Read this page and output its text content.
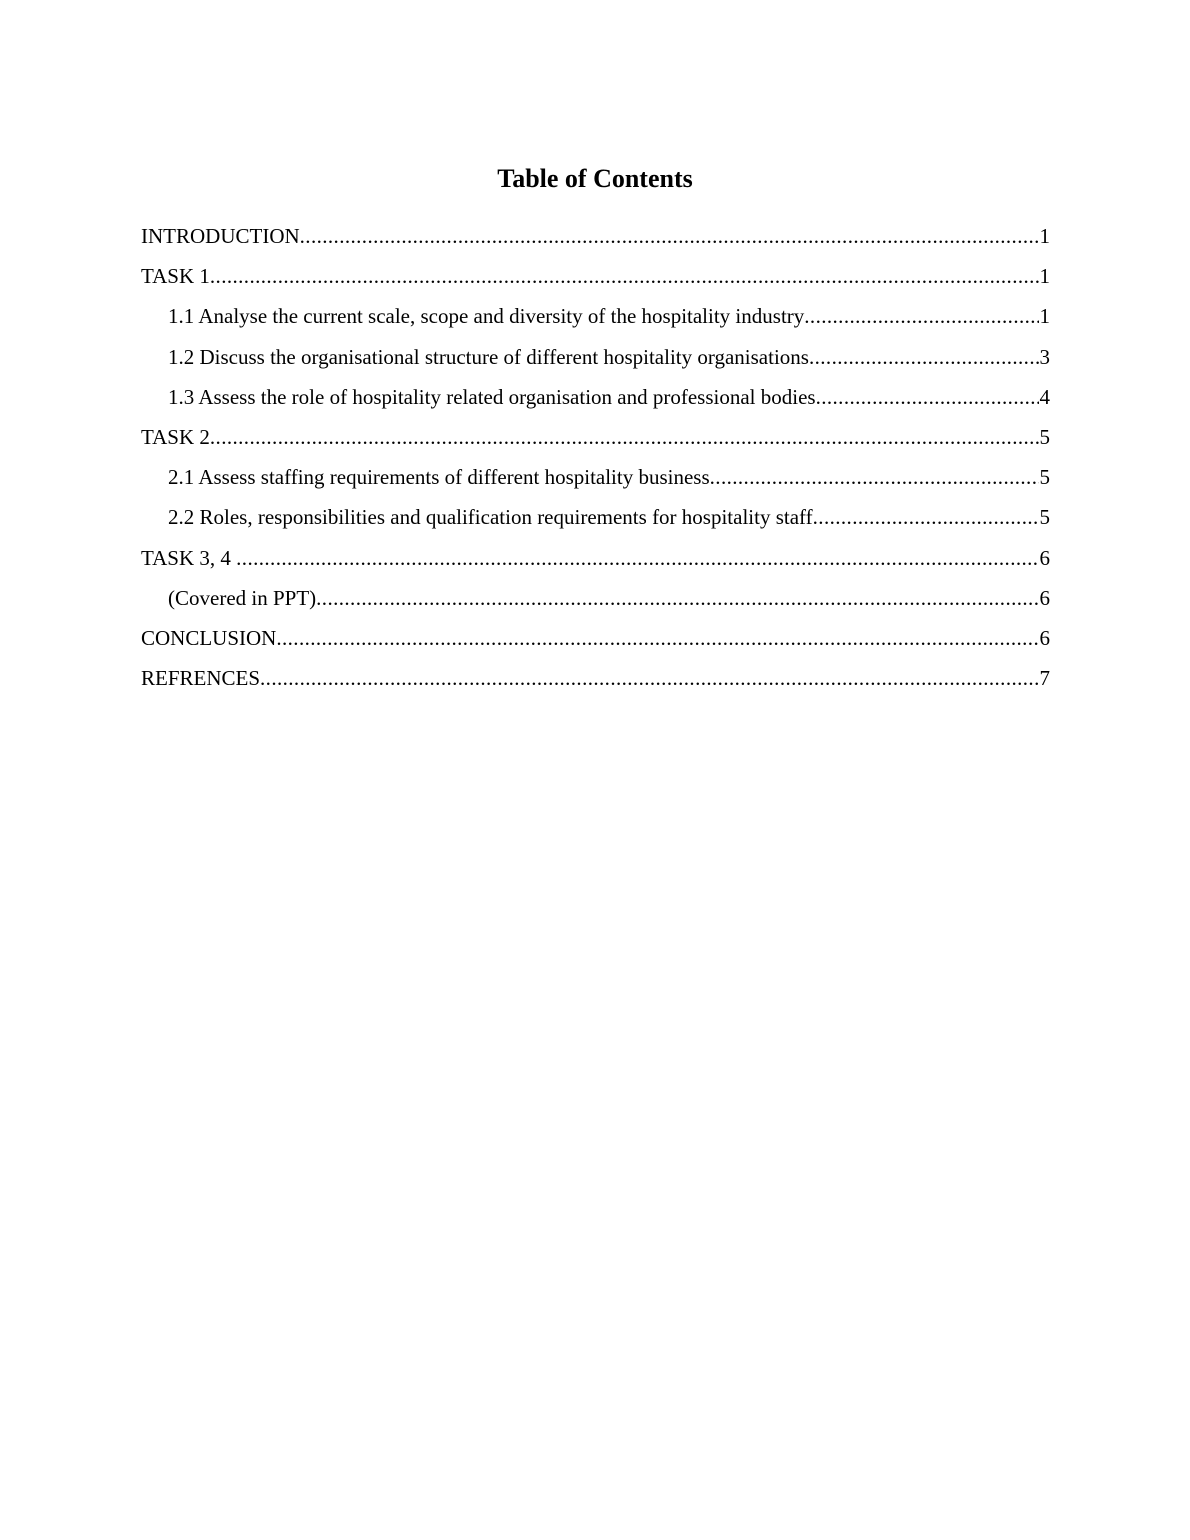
Table of Contents
INTRODUCTION .....	1
TASK 1 .....	1
1.1 Analyse the current scale, scope and diversity of the hospitality industry .....	1
1.2 Discuss the organisational structure of different hospitality organisations .....	3
1.3 Assess the role of hospitality related organisation and professional bodies .....	4
TASK 2 .....	5
2.1 Assess staffing requirements of different hospitality business .....	5
2.2 Roles, responsibilities and qualification requirements for hospitality staff .....	5
TASK 3, 4 .....	6
(Covered in PPT) .....	6
CONCLUSION .....	6
REFRENCES .....	7
